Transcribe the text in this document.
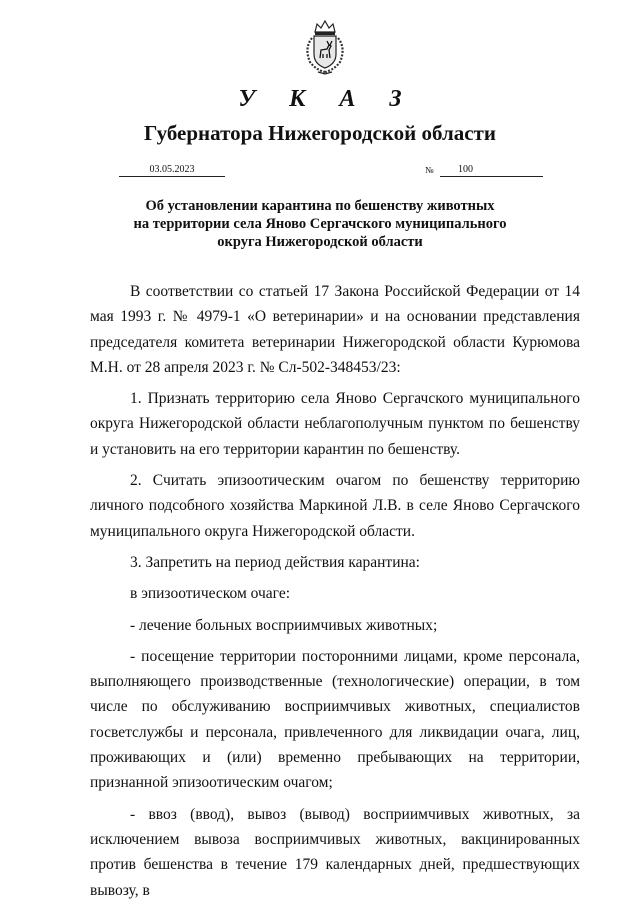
У К А З
Губернатора Нижегородской области
03.05.2023	№	100
Об установлении карантина по бешенству животных
на территории села Яново Сергачского муниципального
округа Нижегородской области

В соответствии со статьей 17 Закона Российской Федерации от 14 мая 1993 г. № 4979-1 «О ветеринарии» и на основании представления председателя комитета ветеринарии Нижегородской области Курюмова М.Н. от 28 апреля 2023 г. № Сл-502-348453/23:

1. Признать территорию села Яново Сергачского муниципального округа Нижегородской области неблагополучным пунктом по бешенству и установить на его территории карантин по бешенству.

2. Считать эпизоотическим очагом по бешенству территорию личного подсобного хозяйства Маркиной Л.В. в селе Яново Сергачского муниципального округа Нижегородской области.

3. Запретить на период действия карантина:

в эпизоотическом очаге:

- лечение больных восприимчивых животных;

- посещение территории посторонними лицами, кроме персонала, выполняющего производственные (технологические) операции, в том числе по обслуживанию восприимчивых животных, специалистов госветслужбы и персонала, привлеченного для ликвидации очага, лиц, проживающих и (или) временно пребывающих на территории, признанной эпизоотическим очагом;

- ввоз (ввод), вывоз (вывод) восприимчивых животных, за исключением вывоза восприимчивых животных, вакцинированных против бешенства в течение 179 календарных дней, предшествующих вывозу, в
